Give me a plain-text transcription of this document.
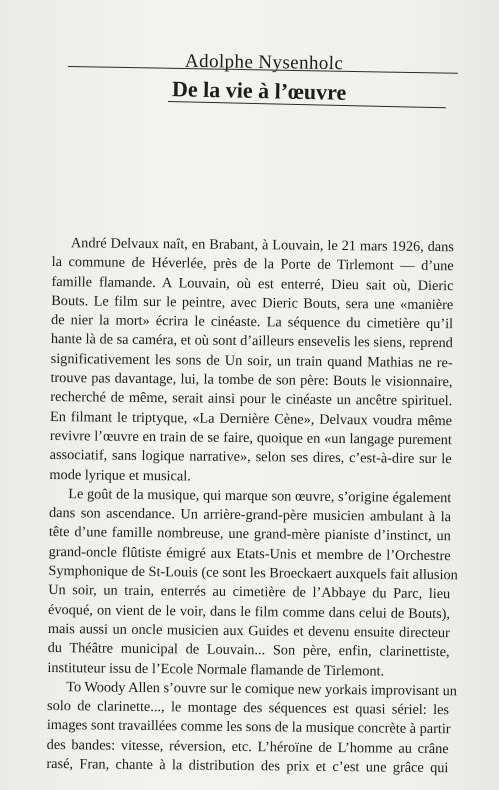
Adolphe Nysenholc
De la vie à l’œuvre
André Delvaux naît, en Brabant, à Louvain, le 21 mars 1926, dans
la commune de Héverlée, près de la Porte de Tirlemont — d’une
famille flamande. A Louvain, où est enterré, Dieu sait où, Dieric
Bouts. Le film sur le peintre, avec Dieric Bouts, sera une «manière
de nier la mort» écrira le cinéaste. La séquence du cimetière qu’il
hante là de sa caméra, et où sont d’ailleurs ensevelis les siens, reprend
significativement les sons de Un soir, un train quand Mathias ne re-
trouve pas davantage, lui, la tombe de son père: Bouts le visionnaire,
recherché de même, serait ainsi pour le cinéaste un ancêtre spirituel.
En filmant le triptyque, «La Dernière Cène», Delvaux voudra même
revivre l’œuvre en train de se faire, quoique en «un langage purement
associatif, sans logique narrative», selon ses dires, c’est-à-dire sur le
mode lyrique et musical.
Le goût de la musique, qui marque son œuvre, s’origine également
dans son ascendance. Un arrière-grand-père musicien ambulant à la
tête d’une famille nombreuse, une grand-mère pianiste d’instinct, un
grand-oncle flûtiste émigré aux Etats-Unis et membre de l’Orchestre
Symphonique de St-Louis (ce sont les Broeckaert auxquels fait allusion
Un soir, un train, enterrés au cimetière de l’Abbaye du Parc, lieu
évoqué, on vient de le voir, dans le film comme dans celui de Bouts),
mais aussi un oncle musicien aux Guides et devenu ensuite directeur
du Théâtre municipal de Louvain... Son père, enfin, clarinettiste,
instituteur issu de l’Ecole Normale flamande de Tirlemont.
To Woody Allen s’ouvre sur le comique new yorkais improvisant un
solo de clarinette..., le montage des séquences est quasi sériel: les
images sont travaillées comme les sons de la musique concrète à partir
des bandes: vitesse, réversion, etc. L’héroïne de L’homme au crâne
rasé, Fran, chante à la distribution des prix et c’est une grâce qui
